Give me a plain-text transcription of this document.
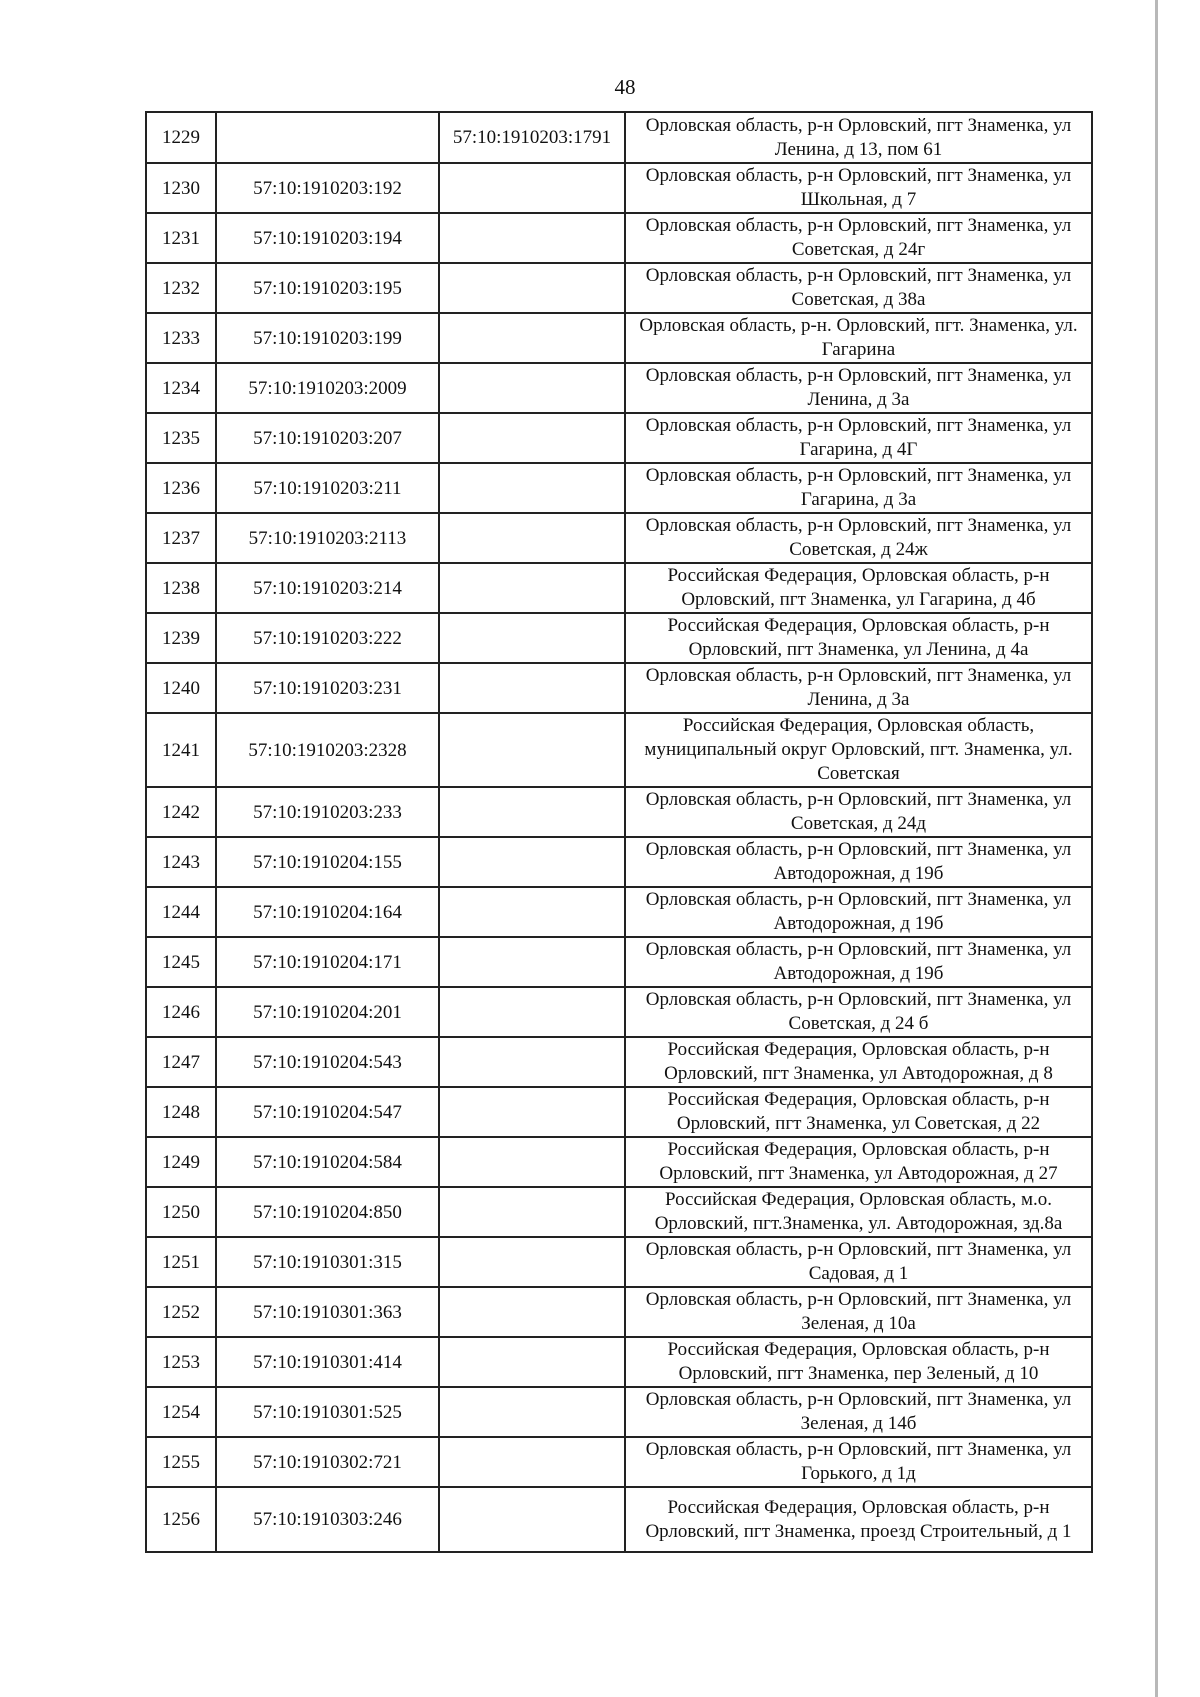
48
1229		57:10:1910203:1791	Орловская область, р-н Орловский, пгт Знаменка, ул Ленина, д 13, пом 61
1230	57:10:1910203:192		Орловская область, р-н Орловский, пгт Знаменка, ул Школьная, д 7
1231	57:10:1910203:194		Орловская область, р-н Орловский, пгт Знаменка, ул Советская, д 24г
1232	57:10:1910203:195		Орловская область, р-н Орловский, пгт Знаменка, ул Советская, д 38а
1233	57:10:1910203:199		Орловская область, р-н. Орловский, пгт. Знаменка, ул. Гагарина
1234	57:10:1910203:2009		Орловская область, р-н Орловский, пгт Знаменка, ул Ленина, д 3а
1235	57:10:1910203:207		Орловская область, р-н Орловский, пгт Знаменка, ул Гагарина, д 4Г
1236	57:10:1910203:211		Орловская область, р-н Орловский, пгт Знаменка, ул Гагарина, д 3а
1237	57:10:1910203:2113		Орловская область, р-н Орловский, пгт Знаменка, ул Советская, д 24ж
1238	57:10:1910203:214		Российская Федерация, Орловская область, р-н Орловский, пгт Знаменка, ул Гагарина, д 4б
1239	57:10:1910203:222		Российская Федерация, Орловская область, р-н Орловский, пгт Знаменка, ул Ленина, д 4а
1240	57:10:1910203:231		Орловская область, р-н Орловский, пгт Знаменка, ул Ленина, д 3а
1241	57:10:1910203:2328		Российская Федерация, Орловская область, муниципальный округ Орловский, пгт. Знаменка, ул. Советская
1242	57:10:1910203:233		Орловская область, р-н Орловский, пгт Знаменка, ул Советская, д 24д
1243	57:10:1910204:155		Орловская область, р-н Орловский, пгт Знаменка, ул Автодорожная, д 19б
1244	57:10:1910204:164		Орловская область, р-н Орловский, пгт Знаменка, ул Автодорожная, д 19б
1245	57:10:1910204:171		Орловская область, р-н Орловский, пгт Знаменка, ул Автодорожная, д 19б
1246	57:10:1910204:201		Орловская область, р-н Орловский, пгт Знаменка, ул Советская, д 24 б
1247	57:10:1910204:543		Российская Федерация, Орловская область, р-н Орловский, пгт Знаменка, ул Автодорожная, д 8
1248	57:10:1910204:547		Российская Федерация, Орловская область, р-н Орловский, пгт Знаменка, ул Советская, д 22
1249	57:10:1910204:584		Российская Федерация, Орловская область, р-н Орловский, пгт Знаменка, ул Автодорожная, д 27
1250	57:10:1910204:850		Российская Федерация, Орловская область, м.о. Орловский, пгт.Знаменка, ул. Автодорожная, зд.8а
1251	57:10:1910301:315		Орловская область, р-н Орловский, пгт Знаменка, ул Садовая, д 1
1252	57:10:1910301:363		Орловская область, р-н Орловский, пгт Знаменка, ул Зеленая, д 10а
1253	57:10:1910301:414		Российская Федерация, Орловская область, р-н Орловский, пгт Знаменка, пер Зеленый, д 10
1254	57:10:1910301:525		Орловская область, р-н Орловский, пгт Знаменка, ул Зеленая, д 14б
1255	57:10:1910302:721		Орловская область, р-н Орловский, пгт Знаменка, ул Горького, д 1д
1256	57:10:1910303:246		Российская Федерация, Орловская область, р-н Орловский, пгт Знаменка, проезд Строительный, д 1
